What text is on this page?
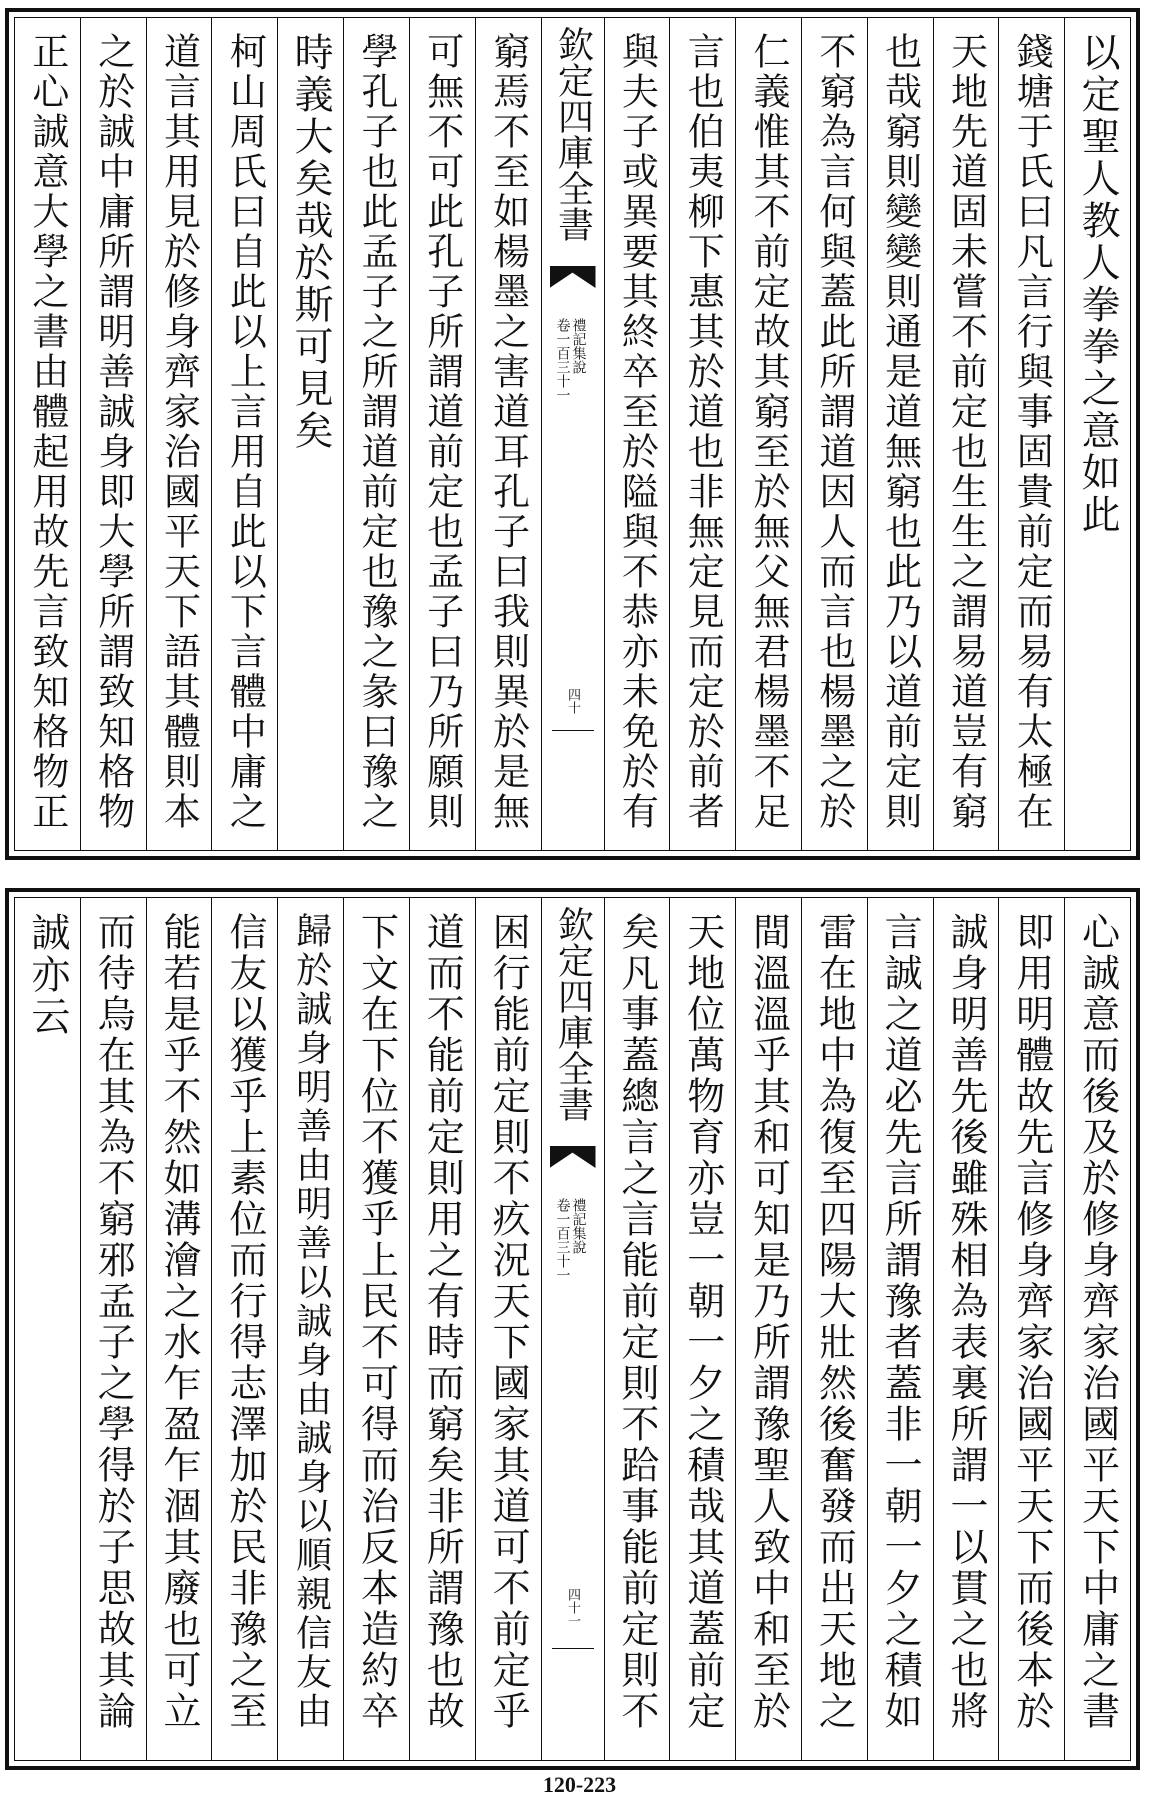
以定聖人教人拳拳之意如此
錢塘于氏曰凡言行與事固貴前定而易有太極在
天地先道固未嘗不前定也生生之謂易道豈有窮
也哉窮則變變則通是道無窮也此乃以道前定則
不窮為言何與蓋此所謂道因人而言也楊墨之於
仁義惟其不前定故其窮至於無父無君楊墨不足
言也伯夷柳下惠其於道也非無定見而定於前者
與夫子或異要其終卒至於隘與不恭亦未免於有
欽定四庫全書
禮記集說
卷一百三十一
四十
窮焉不至如楊墨之害道耳孔子曰我則異於是無
可無不可此孔子所謂道前定也孟子曰乃所願則
學孔子也此孟子之所謂道前定也豫之彖曰豫之
時義大矣哉於斯可見矣
柯山周氏曰自此以上言用自此以下言體中庸之
道言其用見於修身齊家治國平天下語其體則本
之於誠中庸所謂明善誠身即大學所謂致知格物
正心誠意大學之書由體起用故先言致知格物正
心誠意而後及於修身齊家治國平天下中庸之書
即用明體故先言修身齊家治國平天下而後本於
誠身明善先後雖殊相為表裏所謂一以貫之也將
言誠之道必先言所謂豫者蓋非一朝一夕之積如
雷在地中為復至四陽大壯然後奮發而出天地之
間溫溫乎其和可知是乃所謂豫聖人致中和至於
天地位萬物育亦豈一朝一夕之積哉其道蓋前定
矣凡事蓋總言之言能前定則不跲事能前定則不
欽定四庫全書
禮記集說
卷一百三十一
四十一
困行能前定則不疚況天下國家其道可不前定乎
道而不能前定則用之有時而窮矣非所謂豫也故
下文在下位不獲乎上民不可得而治反本造約卒
歸於誠身明善由明善以誠身由誠身以順親信友由
信友以獲乎上素位而行得志澤加於民非豫之至
能若是乎不然如溝澮之水乍盈乍涸其廢也可立
而待烏在其為不窮邪孟子之學得於子思故其論
誠亦云
120-223
